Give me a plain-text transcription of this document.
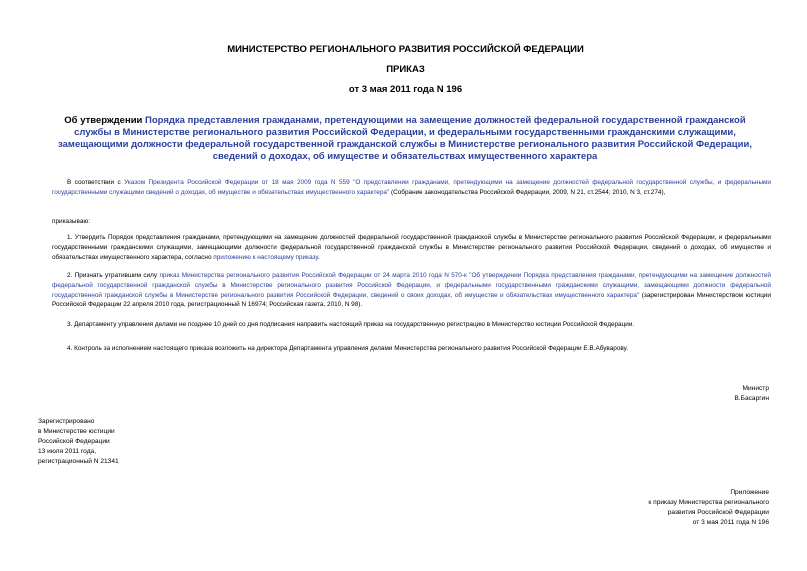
МИНИСТЕРСТВО РЕГИОНАЛЬНОГО РАЗВИТИЯ РОССИЙСКОЙ ФЕДЕРАЦИИ
ПРИКАЗ
от 3 мая 2011 года N 196
Об утверждении Порядка представления гражданами, претендующими на замещение должностей федеральной государственной гражданской службы в Министерстве регионального развития Российской Федерации, и федеральными государственными гражданскими служащими, замещающими должности федеральной государственной гражданской службы в Министерстве регионального развития Российской Федерации, сведений о доходах, об имуществе и обязательствах имущественного характера
В соответствии с Указом Президента Российской Федерации от 18 мая 2009 года N 559 "О представлении гражданами, претендующими на замещение должностей федеральной государственной службы, и федеральными государственными служащими сведений о доходах, об имуществе и обязательствах имущественного характера" (Собрание законодательства Российской Федерации, 2009, N 21, ст.2544; 2010, N 3, ст.274),
приказываю:
1. Утвердить Порядок представления гражданами, претендующими на замещение должностей федеральной государственной гражданской службы в Министерстве регионального развития Российской Федерации, и федеральными государственными гражданскими служащими, замещающими должности федеральной государственной гражданской службы в Министерстве регионального развития Российской Федерации, сведений о доходах, об имуществе и обязательствах имущественного характера, согласно приложению к настоящему приказу.
2. Признать утратившим силу приказ Министерства регионального развития Российской Федерации от 24 марта 2010 года N 570-к "Об утверждении Порядка представления гражданами, претендующими на замещение должностей федеральной государственной гражданской службы в Министерстве регионального развития Российской Федерации, и федеральными государственными гражданскими служащими, замещающими должности федеральной государственной гражданской службы в Министерстве регионального развития Российской Федерации, сведений о своих доходах, об имуществе и обязательствах имущественного характера" (зарегистрирован Министерством юстиции Российской Федерации 22 апреля 2010 года, регистрационный N 16974; Российская газета, 2010, N 98).
3. Департаменту управления делами не позднее 10 дней со дня подписания направить настоящий приказ на государственную регистрацию в Министерство юстиции Российской Федерации.
4. Контроль за исполнением настоящего приказа возложить на директора Департамента управления делами Министерства регионального развития Российской Федерации Е.В.Абуварову.
Министр
В.Басаргин
Зарегистрировано
в Министерстве юстиции
Российской Федерации
13 июля 2011 года,
регистрационный N 21341
Приложение
к приказу Министерства регионального
развития Российской Федерации
от 3 мая 2011 года N 196
